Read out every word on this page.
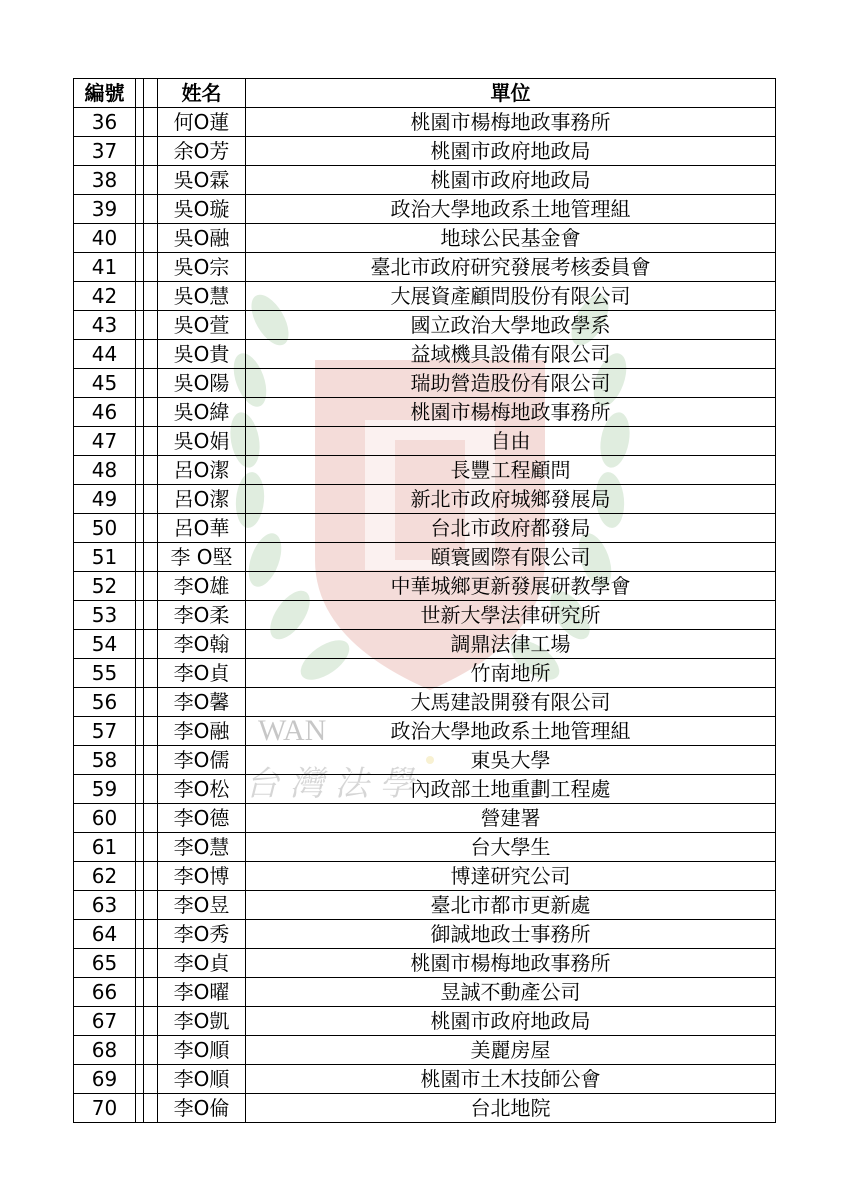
WAN
台 灣 法 學
編號			姓名	單位
36			何O蓮	桃園市楊梅地政事務所
37			余O芳	桃園市政府地政局
38			吳O霖	桃園市政府地政局
39			吳O璇	政治大學地政系土地管理組
40			吳O融	地球公民基金會
41			吳O宗	臺北市政府研究發展考核委員會
42			吳O慧	大展資產顧問股份有限公司
43			吳O萱	國立政治大學地政學系
44			吳O貴	益域機具設備有限公司
45			吳O陽	瑞助營造股份有限公司
46			吳O緯	桃園市楊梅地政事務所
47			吳O娟	自由
48			呂O潔	長豐工程顧問
49			呂O潔	新北市政府城鄉發展局
50			呂O華	台北市政府都發局
51			李 O堅	頤寰國際有限公司
52			李O雄	中華城鄉更新發展研教學會
53			李O柔	世新大學法律研究所
54			李O翰	調鼎法律工場
55			李O貞	竹南地所
56			李O馨	大馬建設開發有限公司
57			李O融	政治大學地政系土地管理組
58			李O儒	東吳大學
59			李O松	內政部土地重劃工程處
60			李O德	營建署
61			李O慧	台大學生
62			李O博	博達研究公司
63			李O昱	臺北市都市更新處
64			李O秀	御誠地政士事務所
65			李O貞	桃園市楊梅地政事務所
66			李O曜	昱誠不動產公司
67			李O凱	桃園市政府地政局
68			李O順	美麗房屋
69			李O順	桃園市土木技師公會
70			李O倫	台北地院
